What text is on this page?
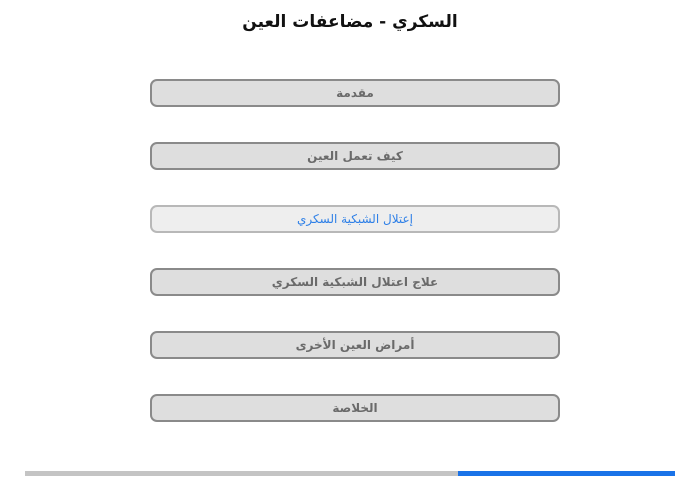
السكري - مضاعفات العين
مقدمة
كيف تعمل العين
إعتلال الشبكية السكري
علاج اعتلال الشبكية السكري
أمراض العين الأخرى
الخلاصة
